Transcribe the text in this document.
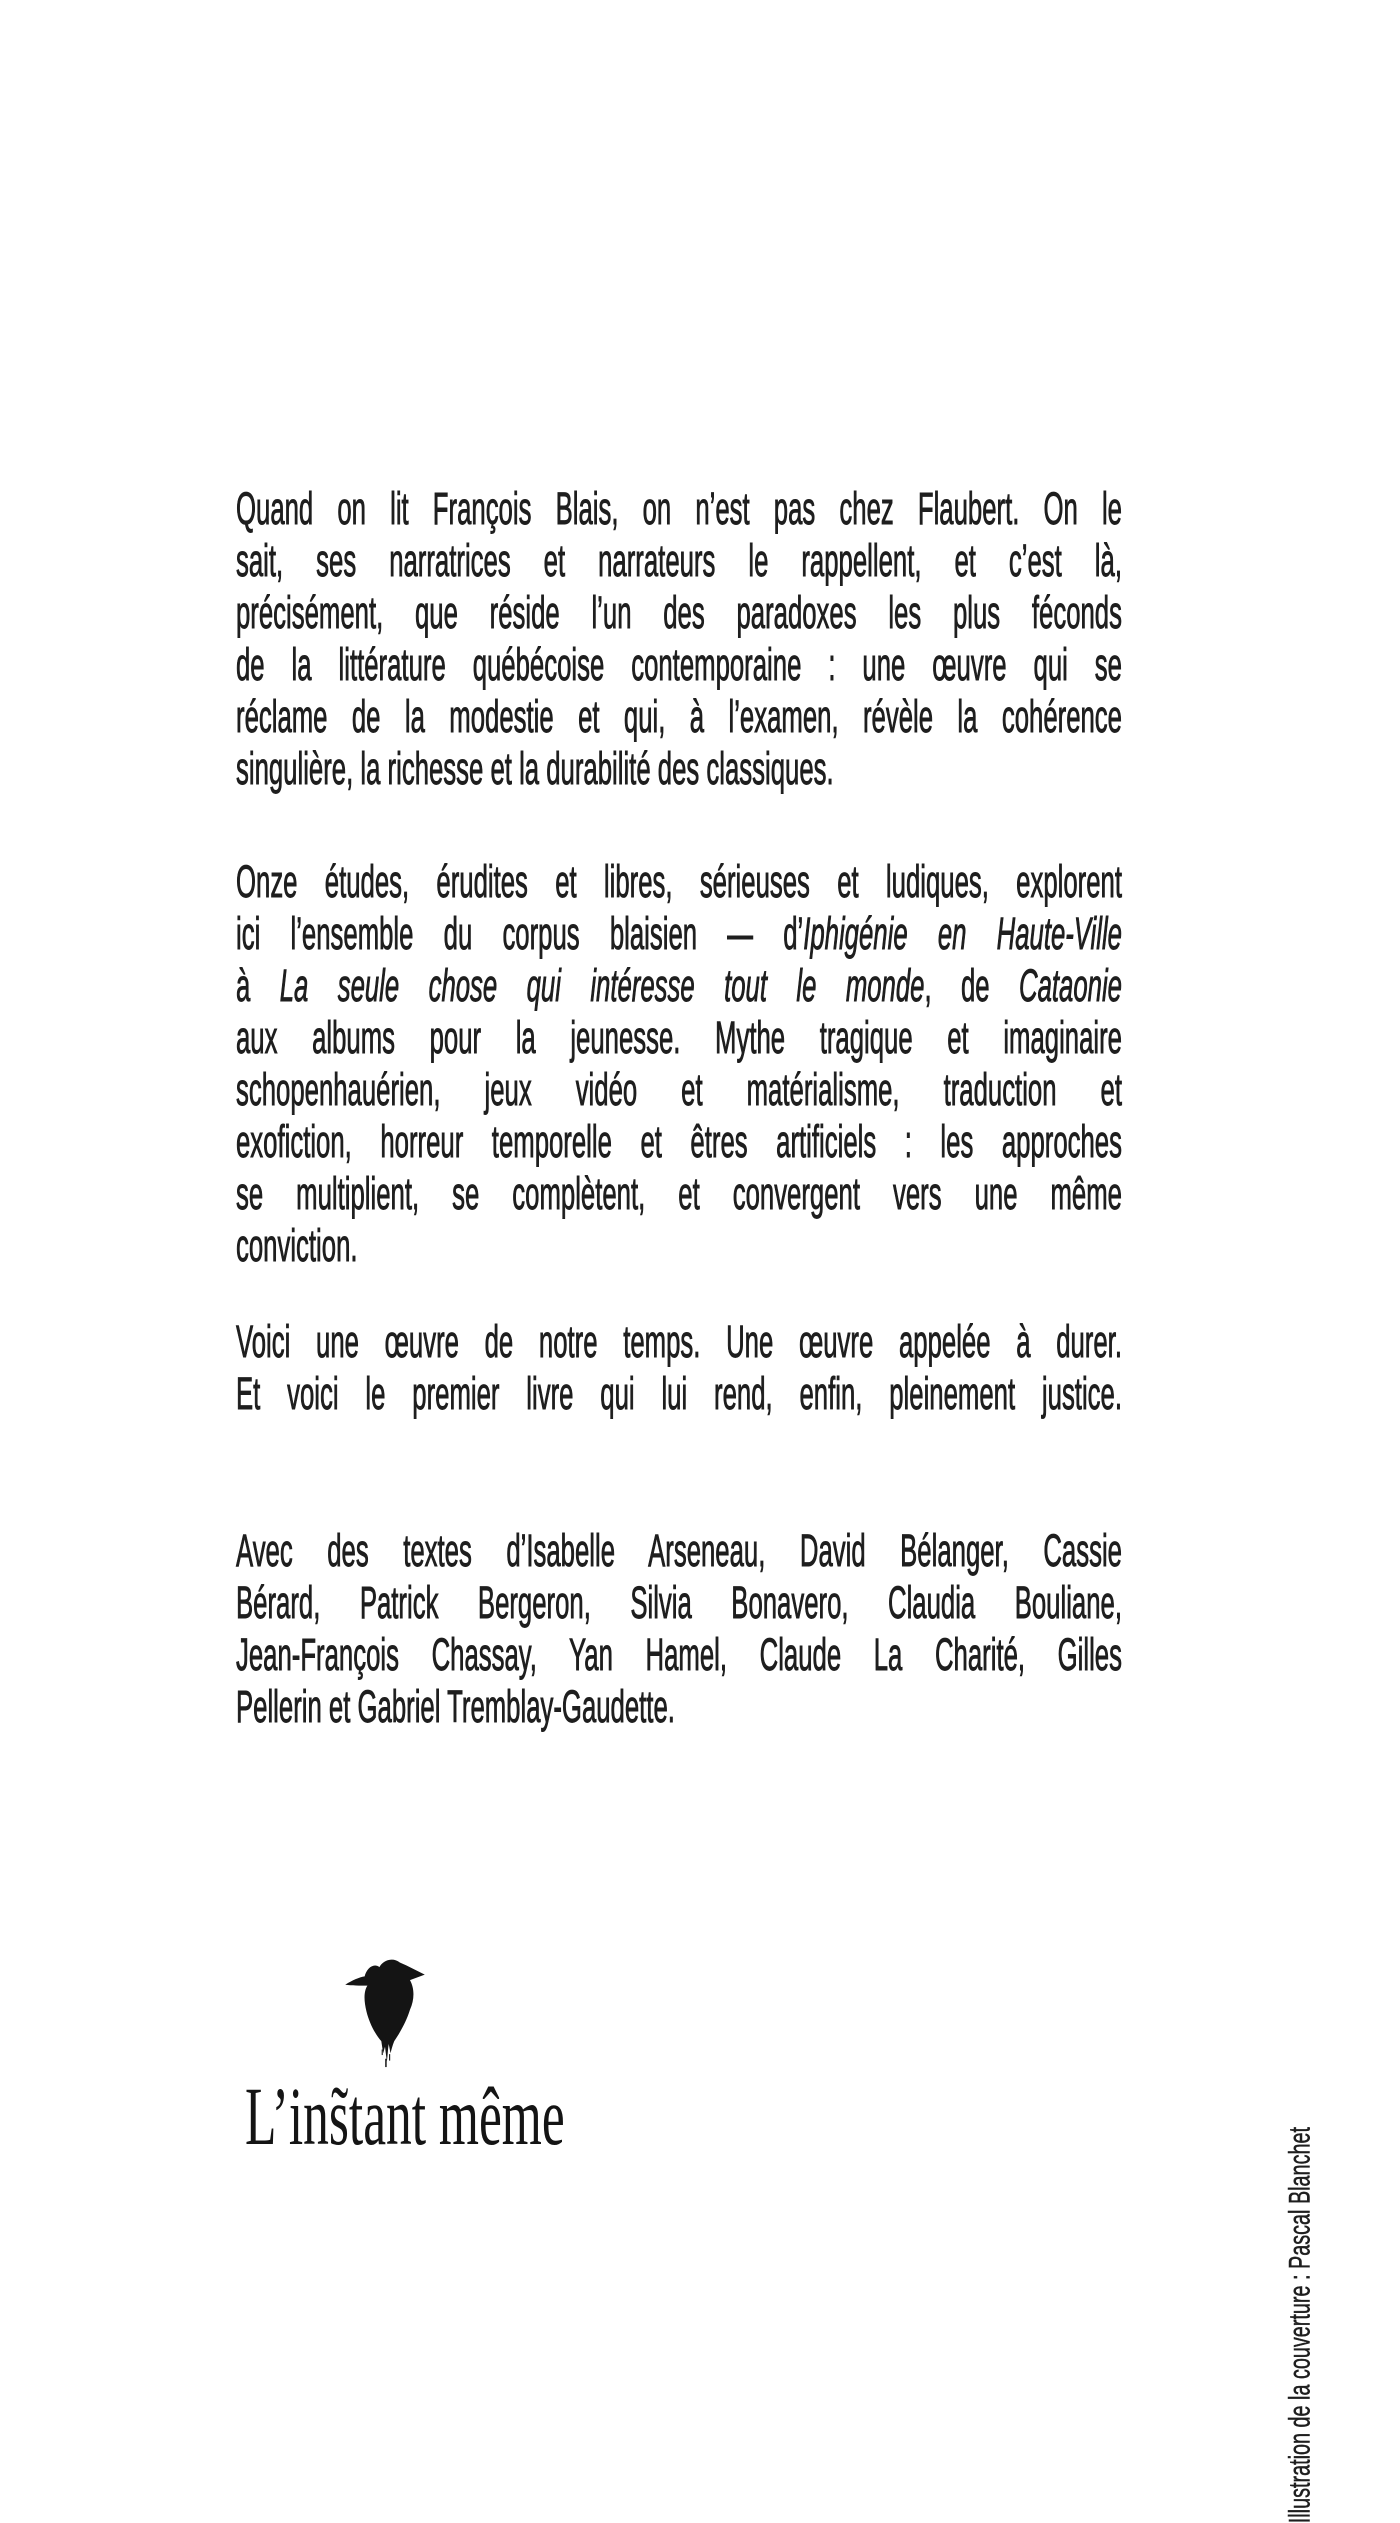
Quand on lit François Blais, on n’est pas chez Flaubert. On le
sait, ses narratrices et narrateurs le rappellent, et c’est là,
précisément, que réside l’un des paradoxes les plus féconds
de la littérature québécoise contemporaine : une œuvre qui se
réclame de la modestie et qui, à l’examen, révèle la cohérence
singulière, la richesse et la durabilité des classiques.
Onze études, érudites et libres, sérieuses et ludiques, explorent
ici l’ensemble du corpus blaisien — d’Iphigénie en Haute-Ville
à La seule chose qui intéresse tout le monde, de Cataonie
aux albums pour la jeunesse. Mythe tragique et imaginaire
schopenhauérien, jeux vidéo et matérialisme, traduction et
exofiction, horreur temporelle et êtres artificiels : les approches
se multiplient, se complètent, et convergent vers une même
conviction.
Voici une œuvre de notre temps. Une œuvre appelée à durer.
Et voici le premier livre qui lui rend, enfin, pleinement justice.
Avec des textes d’Isabelle Arseneau, David Bélanger, Cassie
Bérard, Patrick Bergeron, Silvia Bonavero, Claudia Bouliane,
Jean-François Chassay, Yan Hamel, Claude La Charité, Gilles
Pellerin et Gabriel Tremblay-Gaudette.
L’ins̃tant même
Illustration de la couverture : Pascal Blanchet
